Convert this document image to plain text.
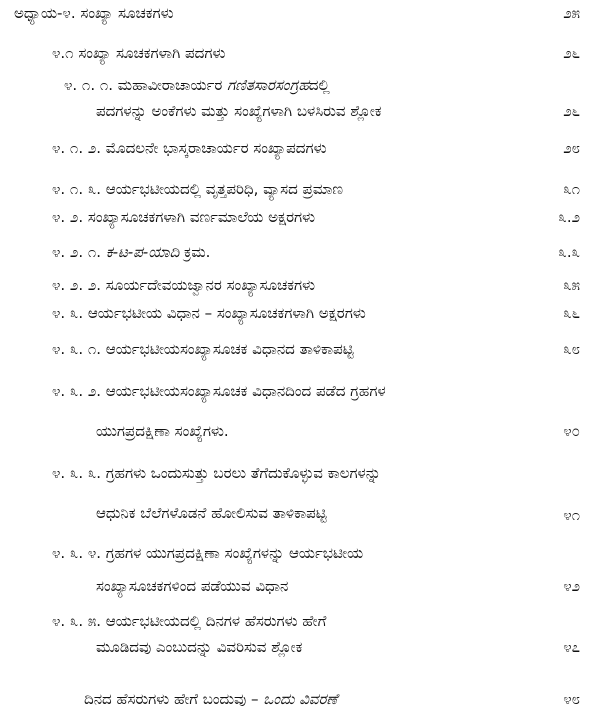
ಅಧ್ಯಾಯ-೪. ಸಂಖ್ಯಾ ಸೂಚಕಗಳು	೨೫
೪.೧ ಸಂಖ್ಯಾ ಸೂಚಕಗಳಾಗಿ ಪದಗಳು	೨೬
೪. ೧. ೧. ಮಹಾವೀರಾಚಾರ್ಯರ ಗಣಿತಸಾರಸಂಗ್ರಹದಲ್ಲಿ
ಪದಗಳನ್ನು ಅಂಕೆಗಳು ಮತ್ತು ಸಂಖ್ಯೆಗಳಾಗಿ ಬಳಸಿರುವ ಶ್ಲೋಕ	೨೬
೪. ೧. ೨. ಮೊದಲನೇ ಭಾಸ್ಕರಾಚಾರ್ಯರ ಸಂಖ್ಯಾಪದಗಳು	೨೮
೪. ೧. ೩. ಆರ್ಯಭಟೀಯದಲ್ಲಿ ವೃತ್ತಪರಿಧಿ, ವ್ಯಾಸದ ಪ್ರಮಾಣ	೩೧
೪. ೨. ಸಂಖ್ಯಾಸೂಚಕಗಳಾಗಿ ವರ್ಣಮಾಲೆಯ ಅಕ್ಷರಗಳು	೩.೨
೪. ೨. ೧. ಕ-ಟ-ಪ-ಯಾದಿ ಕ್ರಮ.	೩.೩
೪. ೨. ೨. ಸೂರ್ಯದೇವಯಜ್ವಾನರ ಸಂಖ್ಯಾಸೂಚಕಗಳು	೩೫
೪. ೩. ಆರ್ಯಭಟೀಯ ವಿಧಾನ – ಸಂಖ್ಯಾಸೂಚಕಗಳಾಗಿ ಅಕ್ಷರಗಳು	೩೬
೪. ೩. ೧. ಆರ್ಯಭಟೀಯಸಂಖ್ಯಾಸೂಚಕ ವಿಧಾನದ ತಾಳಿಕಾಪಟ್ಟಿ	೩೮
೪. ೩. ೨. ಆರ್ಯಭಟೀಯಸಂಖ್ಯಾಸೂಚಕ ವಿಧಾನದಿಂದ ಪಡೆದ ಗ್ರಹಗಳ
ಯುಗಪ್ರದಕ್ಷಿಣಾ ಸಂಖ್ಯೆಗಳು.	೪೦
೪. ೩. ೩. ಗ್ರಹಗಳು ಒಂದುಸುತ್ತು ಬರಲು ತೆಗೆದುಕೊಳ್ಳುವ ಕಾಲಗಳನ್ನು
ಆಧುನಿಕ ಬೆಲೆಗಳೊಡನೆ ಹೋಲಿಸುವ ತಾಳಿಕಾಪಟ್ಟಿ	೪೧
೪. ೩. ೪. ಗ್ರಹಗಳ ಯುಗಪ್ರದಕ್ಷಿಣಾ ಸಂಖ್ಯೆಗಳನ್ನು ಆರ್ಯಭಟೀಯ
ಸಂಖ್ಯಾಸೂಚಕಗಳಿಂದ ಪಡೆಯುವ ವಿಧಾನ	೪೨
೪. ೩. ೫. ಆರ್ಯಭಟೀಯದಲ್ಲಿ ದಿನಗಳ ಹೆಸರುಗಳು ಹೇಗೆ
ಮೂಡಿದವು ಎಂಬುದನ್ನು ವಿವರಿಸುವ ಶ್ಲೋಕ	೪೭
ದಿನದ ಹೆಸರುಗಳು ಹೇಗೆ ಬಂದುವು – ಒಂದು ವಿವರಣೆ	೪೮
